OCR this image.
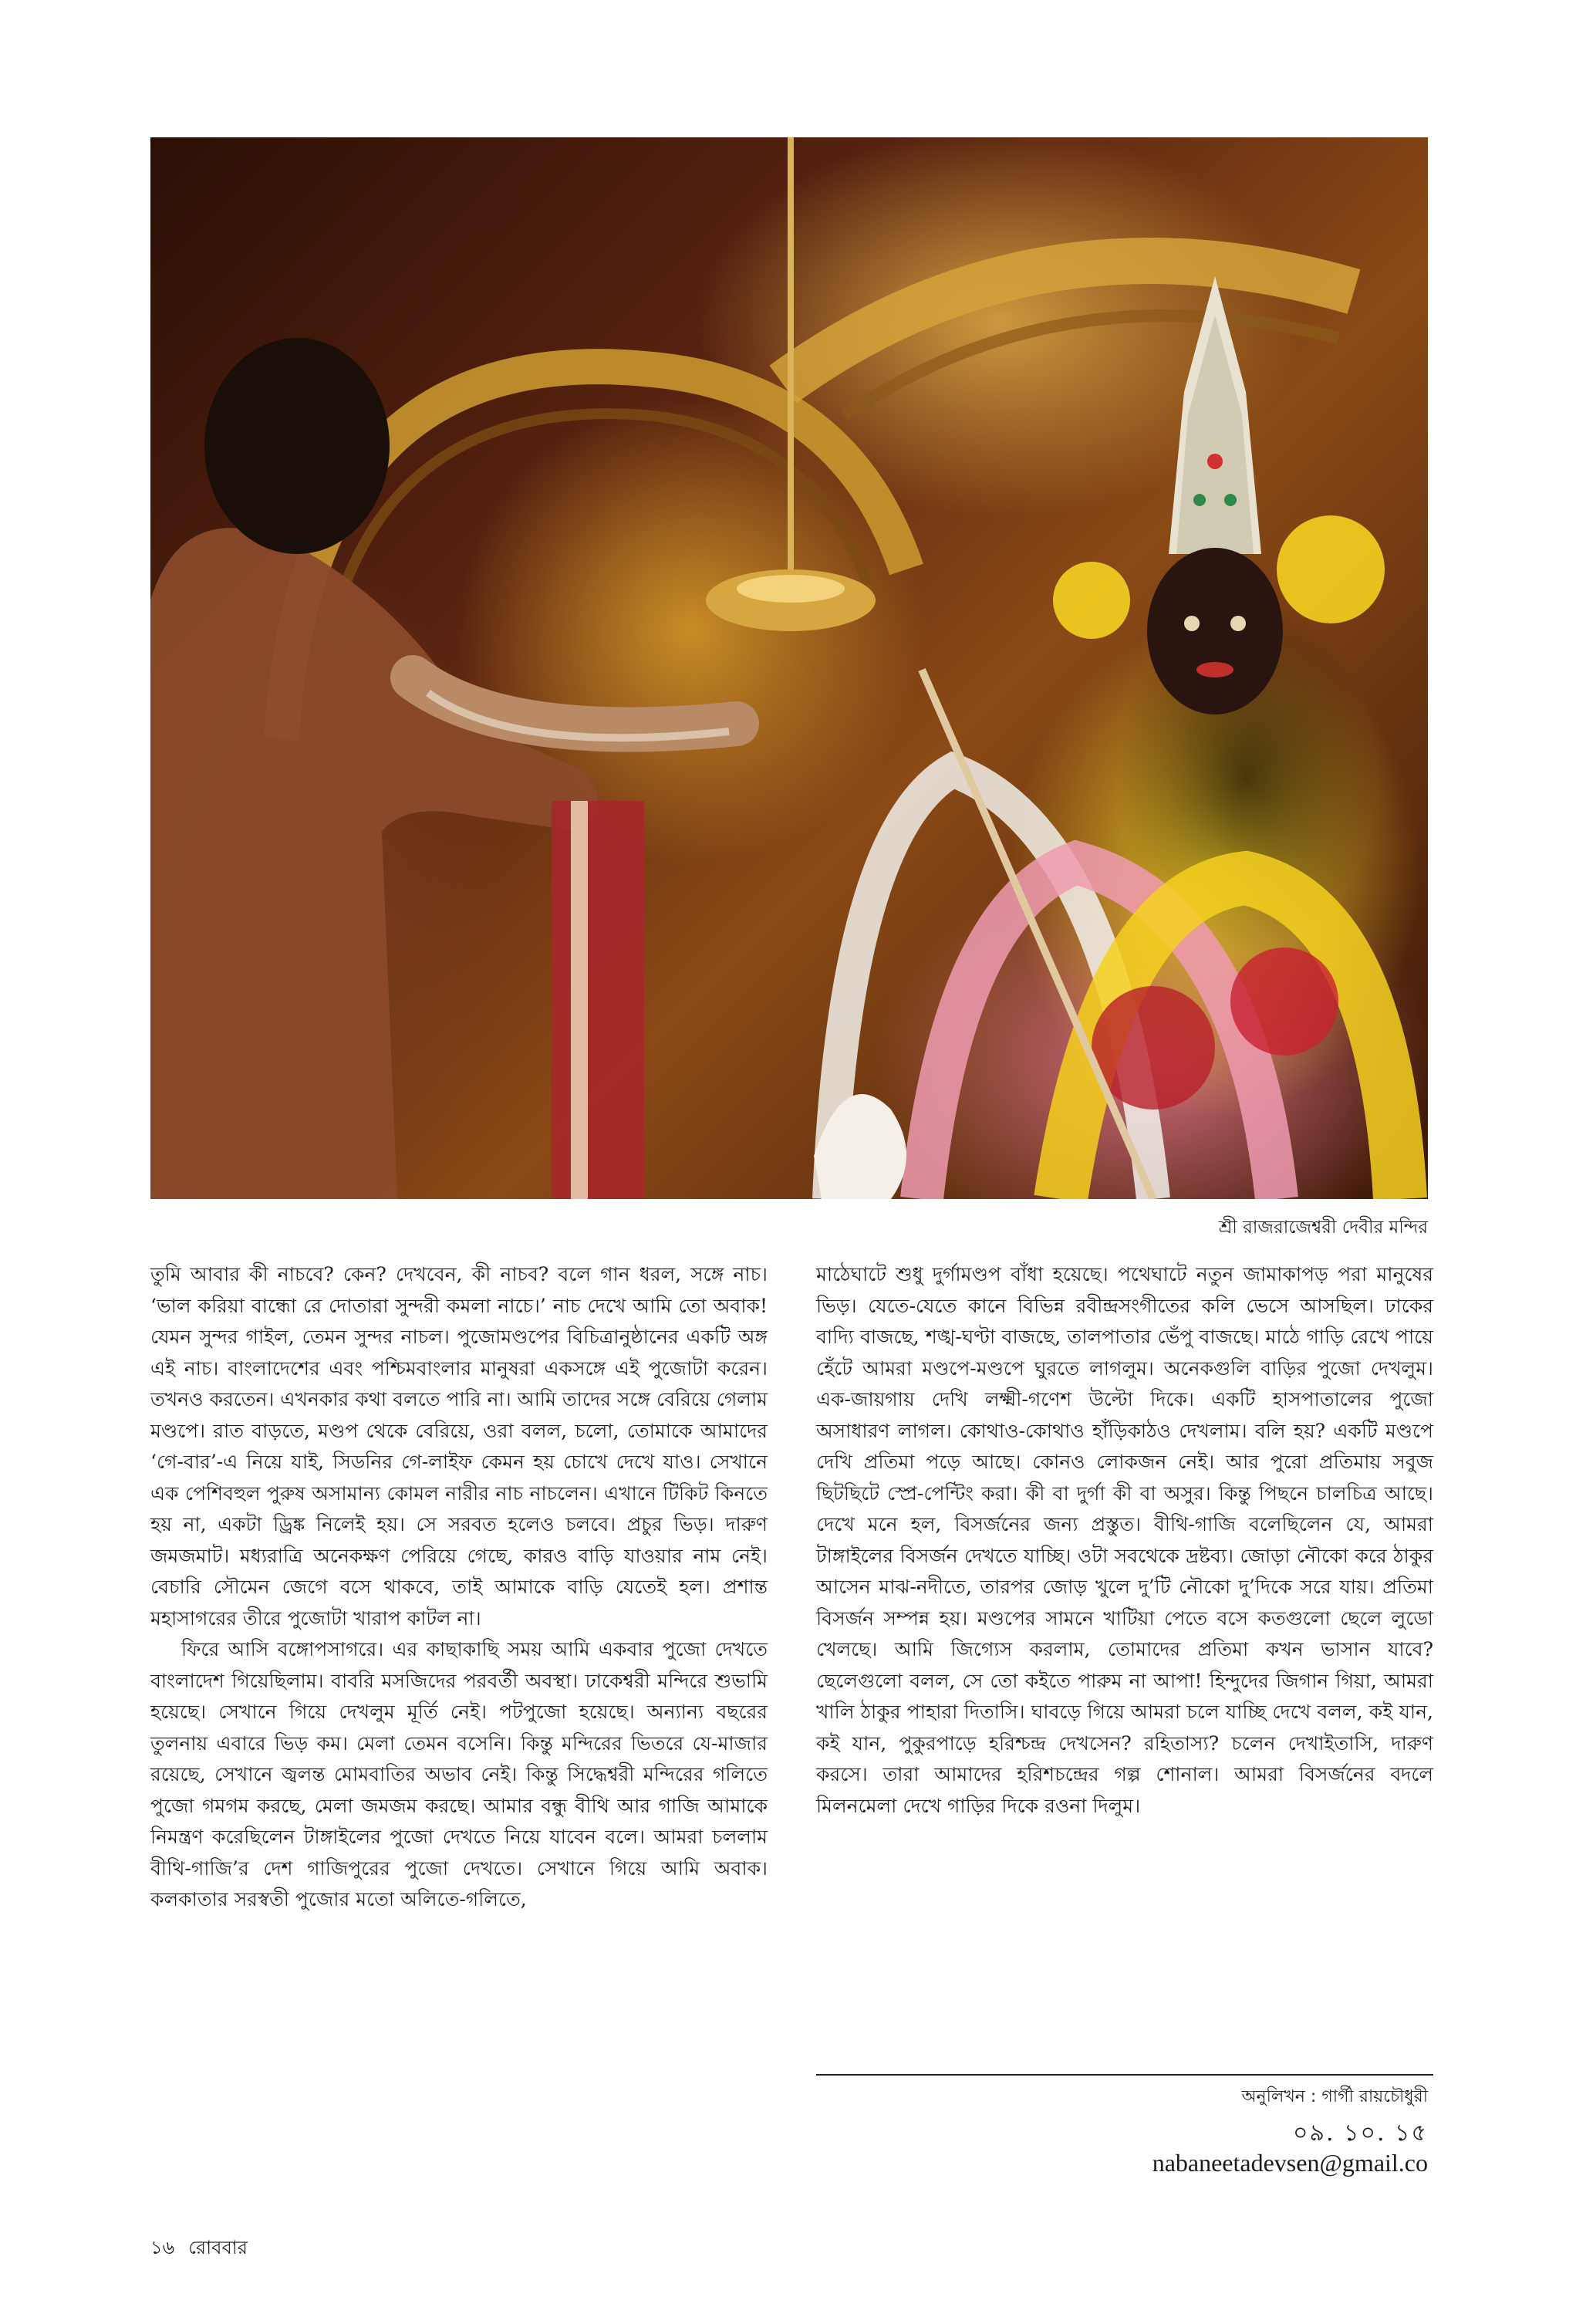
শ্রী রাজরাজেশ্বরী দেবীর মন্দির

তুমি আবার কী নাচবে? কেন? দেখবেন, কী নাচব? বলে গান ধরল, সঙ্গে নাচ। ‘ভাল করিয়া বান্ধো রে দোতারা সুন্দরী কমলা নাচে।’ নাচ দেখে আমি তো অবাক! যেমন সুন্দর গাইল, তেমন সুন্দর নাচল। পুজোমণ্ডপের বিচিত্রানুষ্ঠানের একটি অঙ্গ এই নাচ। বাংলাদেশের এবং পশ্চিমবাংলার মানুষরা একসঙ্গে এই পুজোটা করেন। তখনও করতেন। এখনকার কথা বলতে পারি না। আমি তাদের সঙ্গে বেরিয়ে গেলাম মণ্ডপে। রাত বাড়তে, মণ্ডপ থেকে বেরিয়ে, ওরা বলল, চলো, তোমাকে আমাদের ‘গে-বার’-এ নিয়ে যাই, সিডনির গে-লাইফ কেমন হয় চোখে দেখে যাও। সেখানে এক পেশিবহুল পুরুষ অসামান্য কোমল নারীর নাচ নাচলেন। এখানে টিকিট কিনতে হয় না, একটা ড্রিঙ্ক নিলেই হয়। সে সরবত হলেও চলবে। প্রচুর ভিড়। দারুণ জমজমাট। মধ্যরাত্রি অনেকক্ষণ পেরিয়ে গেছে, কারও বাড়ি যাওয়ার নাম নেই। বেচারি সৌমেন জেগে বসে থাকবে, তাই আমাকে বাড়ি যেতেই হল। প্রশান্ত মহাসাগরের তীরে পুজোটা খারাপ কাটল না।

ফিরে আসি বঙ্গোপসাগরে। এর কাছাকাছি সময় আমি একবার পুজো দেখতে বাংলাদেশ গিয়েছিলাম। বাবরি মসজিদের পরবর্তী অবস্থা। ঢাকেশ্বরী মন্দিরে শুভামি হয়েছে। সেখানে গিয়ে দেখলুম মূর্তি নেই। পটপুজো হয়েছে। অন্যান্য বছরের তুলনায় এবারে ভিড় কম। মেলা তেমন বসেনি। কিন্তু মন্দিরের ভিতরে যে-মাজার রয়েছে, সেখানে জ্বলন্ত মোমবাতির অভাব নেই। কিন্তু সিদ্ধেশ্বরী মন্দিরের গলিতে পুজো গমগম করছে, মেলা জমজম করছে। আমার বন্ধু বীথি আর গাজি আমাকে নিমন্ত্রণ করেছিলেন টাঙ্গাইলের পুজো দেখতে নিয়ে যাবেন বলে। আমরা চললাম বীথি-গাজি’র দেশ গাজিপুরের পুজো দেখতে। সেখানে গিয়ে আমি অবাক। কলকাতার সরস্বতী পুজোর মতো অলিতে-গলিতে,

মাঠেঘাটে শুধু দুর্গামণ্ডপ বাঁধা হয়েছে। পথেঘাটে নতুন জামাকাপড় পরা মানুষের ভিড়। যেতে-যেতে কানে বিভিন্ন রবীন্দ্রসংগীতের কলি ভেসে আসছিল। ঢাকের বাদ্যি বাজছে, শঙ্খ-ঘণ্টা বাজছে, তালপাতার ভেঁপু বাজছে। মাঠে গাড়ি রেখে পায়ে হেঁটে আমরা মণ্ডপে-মণ্ডপে ঘুরতে লাগলুম। অনেকগুলি বাড়ির পুজো দেখলুম। এক-জায়গায় দেখি লক্ষ্মী-গণেশ উল্টো দিকে। একটি হাসপাতালের পুজো অসাধারণ লাগল। কোথাও-কোথাও হাঁড়িকাঠও দেখলাম। বলি হয়? একটি মণ্ডপে দেখি প্রতিমা পড়ে আছে। কোনও লোকজন নেই। আর পুরো প্রতিমায় সবুজ ছিটছিটে স্প্রে-পেন্টিং করা। কী বা দুর্গা কী বা অসুর। কিন্তু পিছনে চালচিত্র আছে। দেখে মনে হল, বিসর্জনের জন্য প্রস্তুত। বীথি-গাজি বলেছিলেন যে, আমরা টাঙ্গাইলের বিসর্জন দেখতে যাচ্ছি। ওটা সবথেকে দ্রষ্টব্য। জোড়া নৌকো করে ঠাকুর আসেন মাঝ-নদীতে, তারপর জোড় খুলে দু’টি নৌকো দু’দিকে সরে যায়। প্রতিমা বিসর্জন সম্পন্ন হয়। মণ্ডপের সামনে খাটিয়া পেতে বসে কতগুলো ছেলে লুডো খেলছে। আমি জিগ্যেস করলাম, তোমাদের প্রতিমা কখন ভাসান যাবে? ছেলেগুলো বলল, সে তো কইতে পারুম না আপা! হিন্দুদের জিগান গিয়া, আমরা খালি ঠাকুর পাহারা দিতাসি। ঘাবড়ে গিয়ে আমরা চলে যাচ্ছি দেখে বলল, কই যান, কই যান, পুকুরপাড়ে হরিশ্চন্দ্র দেখসেন? রহিতাস্য? চলেন দেখাইতাসি, দারুণ করসে। তারা আমাদের হরিশচন্দ্রের গল্প শোনাল। আমরা বিসর্জনের বদলে মিলনমেলা দেখে গাড়ির দিকে রওনা দিলুম।

অনুলিখন : গার্গী রায়চৌধুরী
০৯. ১০. ১৫
nabaneetadevsen@gmail.co
১৬ রোববার
